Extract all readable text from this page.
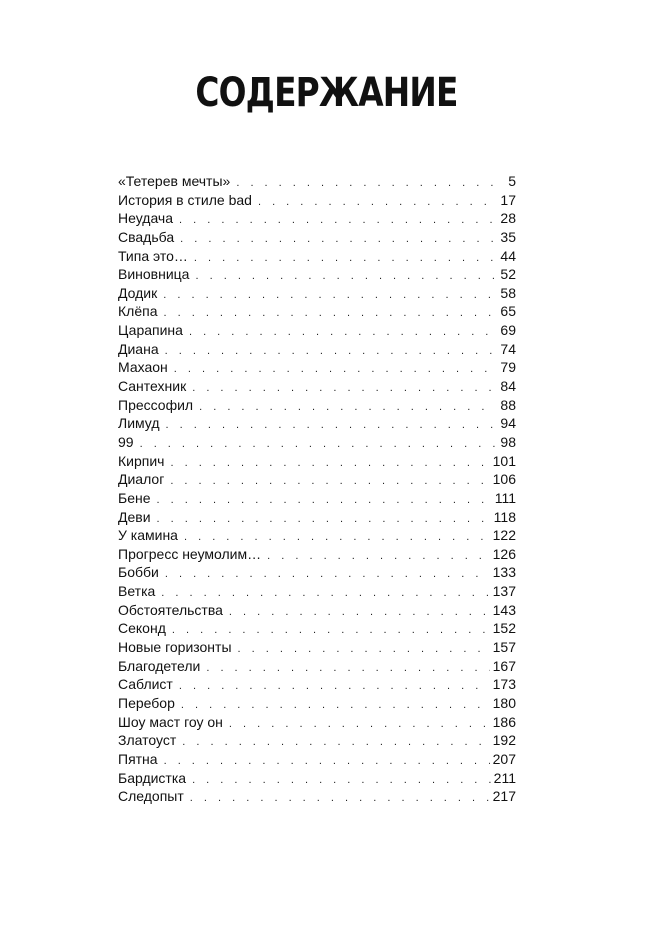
СОДЕРЖАНИЕ
«Тетерев мечты» . . .	5
История в стиле bad . . .	17
Неудача . . .	28
Свадьба . . .	35
Типа это… . . .	44
Виновница . . .	52
Додик . . .	58
Клёпа . . .	65
Царапина . . .	69
Диана . . .	74
Махаон . . .	79
Сантехник . . .	84
Прессофил . . .	88
Лимуд . . .	94
99 . . .	98
Кирпич . . .	101
Диалог . . .	106
Бене . . .	111
Деви . . .	118
У камина . . .	122
Прогресс неумолим… . . .	126
Бобби . . .	133
Ветка . . .	137
Обстоятельства . . .	143
Секонд . . .	152
Новые горизонты . . .	157
Благодетели . . .	167
Саблист . . .	173
Перебор . . .	180
Шоу маст гоу он . . .	186
Златоуст . . .	192
Пятна . . .	207
Бардистка . . .	211
Следопыт . . .	217
